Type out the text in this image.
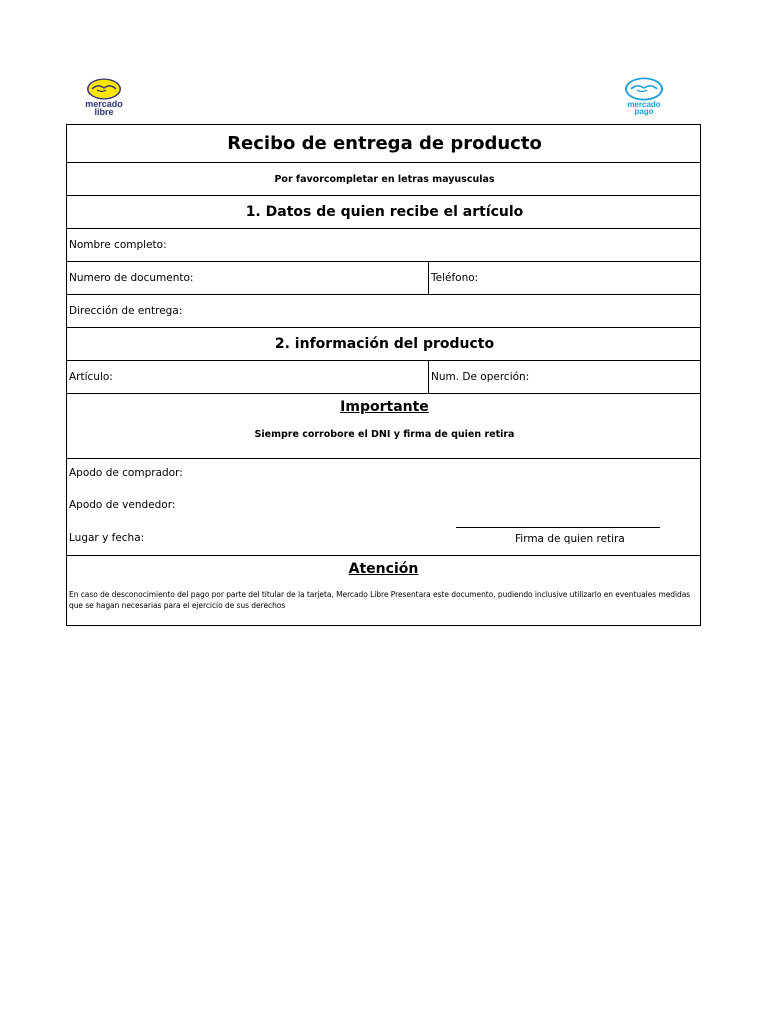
mercado
libre
mercado
pago
Recibo de entrega de producto
Por favorcompletar en letras mayusculas
1. Datos de quien recibe el artículo
Nombre completo:
Numero de documento:	Teléfono:
Dirección de entrega:
2. información del producto
Artículo:	Num. De operción:
Importante
Siempre corrobore el DNI y firma de quien retira
Apodo de comprador:
Apodo de vendedor:
Lugar y fecha:	Firma de quien retira
Atención
En caso de desconocimiento del pago por parte del titular de la tarjeta, Mercado Libre Presentara este documento, pudiendo inclusive utilizarlo en eventuales medidas que se hagan necesarias para el ejercicio de sus derechos
